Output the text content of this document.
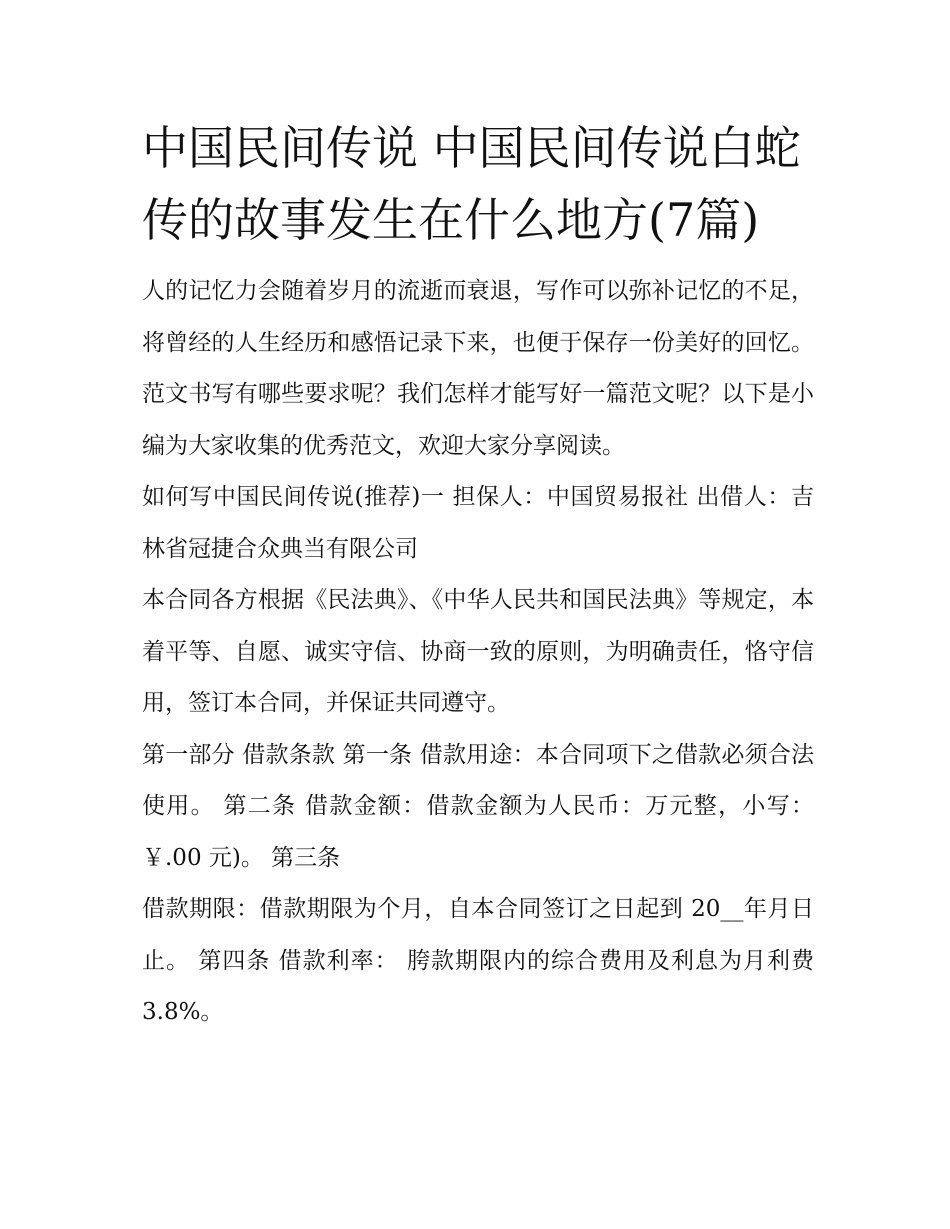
中国民间传说 中国民间传说白蛇传的故事发生在什么地方(7篇)

人的记忆力会随着岁月的流逝而衰退，写作可以弥补记忆的不足，将曾经的人生经历和感悟记录下来，也便于保存一份美好的回忆。范文书写有哪些要求呢？我们怎样才能写好一篇范文呢？以下是小编为大家收集的优秀范文，欢迎大家分享阅读。

如何写中国民间传说(推荐)一 担保人：中国贸易报社 出借人：吉林省冠捷合众典当有限公司

本合同各方根据《民法典》、《中华人民共和国民法典》等规定，本着平等、自愿、诚实守信、协商一致的原则，为明确责任，恪守信用，签订本合同，并保证共同遵守。

第一部分 借款条款 第一条 借款用途：本合同项下之借款必须合法使用。 第二条 借款金额：借款金额为人民币：万元整，小写：￥.00 元)。 第三条

借款期限：借款期限为个月，自本合同签订之日起到 20__年月日止。 第四条 借款利率： 胯款期限内的综合费用及利息为月利费 3.8%。
